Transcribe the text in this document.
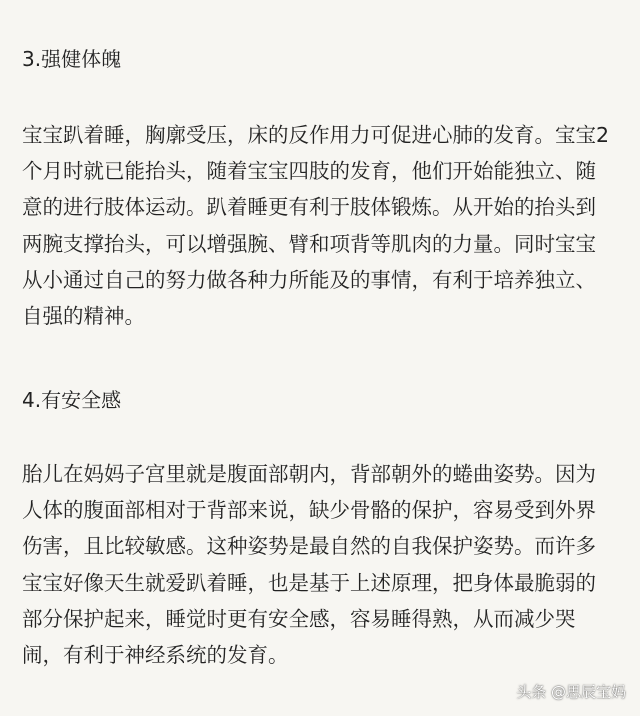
3.强健体魄
宝宝趴着睡，胸廓受压，床的反作用力可促进心肺的发育。宝宝2
个月时就已能抬头，随着宝宝四肢的发育，他们开始能独立、随
意的进行肢体运动。趴着睡更有利于肢体锻炼。从开始的抬头到
两腕支撑抬头，可以增强腕、臂和项背等肌肉的力量。同时宝宝
从小通过自己的努力做各种力所能及的事情，有利于培养独立、
自强的精神。
4.有安全感
胎儿在妈妈子宫里就是腹面部朝内，背部朝外的蜷曲姿势。因为
人体的腹面部相对于背部来说，缺少骨骼的保护，容易受到外界
伤害，且比较敏感。这种姿势是最自然的自我保护姿势。而许多
宝宝好像天生就爱趴着睡，也是基于上述原理，把身体最脆弱的
部分保护起来，睡觉时更有安全感，容易睡得熟，从而减少哭
闹，有利于神经系统的发育。
头条 @思辰宝妈
